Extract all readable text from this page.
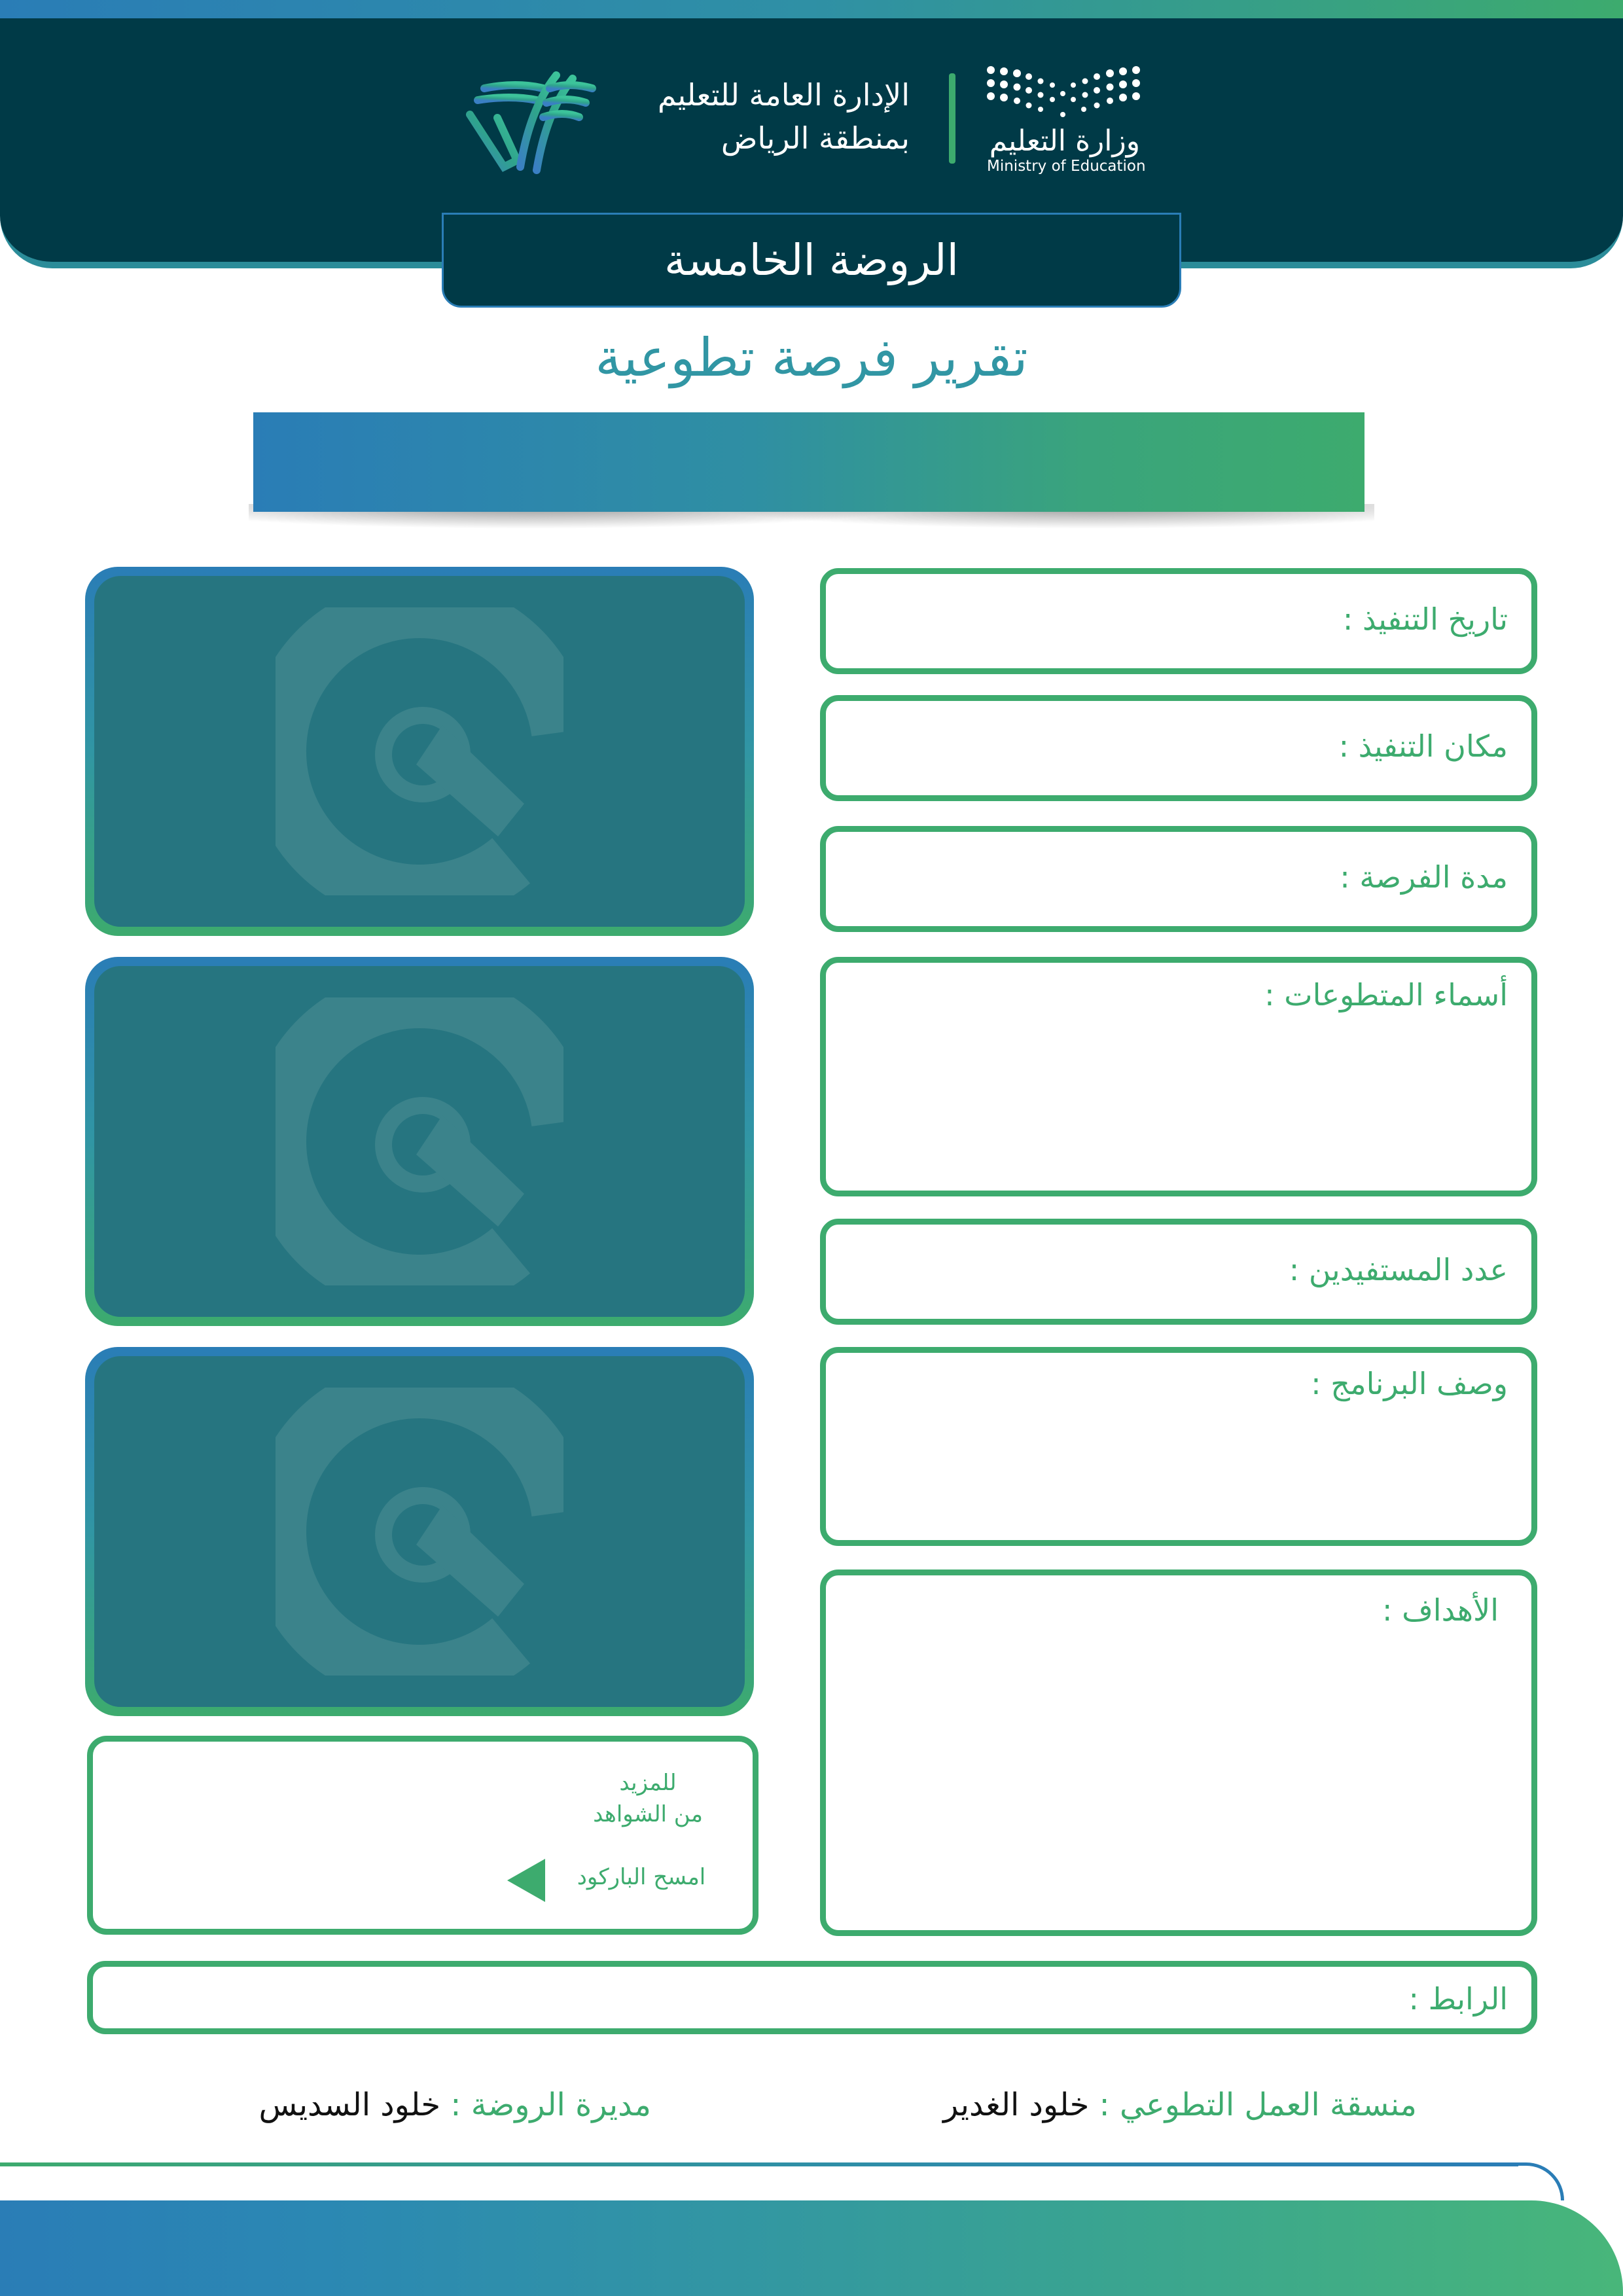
وزارة التعليم
Ministry of Education
الإدارة العامة للتعليم
بمنطقة الرياض
الروضة الخامسة
تقرير فرصة تطوعية
تاريخ التنفيذ :
مكان التنفيذ :
مدة الفرصة :
أسماء المتطوعات :
عدد المستفيدين :
وصف البرنامج :
الأهداف :
للمزيد
من الشواهد
امسح الباركود
الرابط :
منسقة العمل التطوعي : خلود الغدير
مديرة الروضة : خلود السديس
